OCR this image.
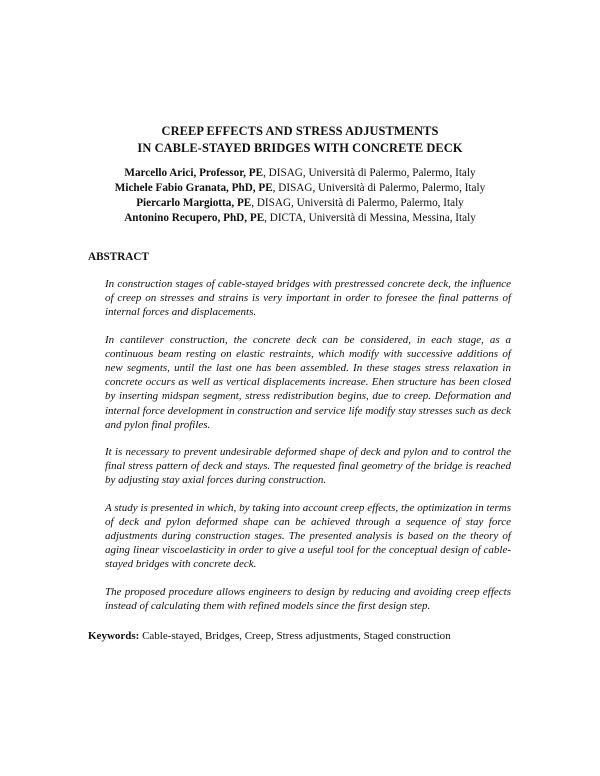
CREEP EFFECTS AND STRESS ADJUSTMENTS
IN CABLE-STAYED BRIDGES WITH CONCRETE DECK
Marcello Arici, Professor, PE, DISAG, Università di Palermo, Palermo, Italy
Michele Fabio Granata, PhD, PE, DISAG, Università di Palermo, Palermo, Italy
Piercarlo Margiotta, PE, DISAG, Università di Palermo, Palermo, Italy
Antonino Recupero, PhD, PE, DICTA, Università di Messina, Messina, Italy
ABSTRACT

In construction stages of cable-stayed bridges with prestressed concrete deck, the influence of creep on stresses and strains is very important in order to foresee the final patterns of internal forces and displacements.

In cantilever construction, the concrete deck can be considered, in each stage, as a continuous beam resting on elastic restraints, which modify with successive additions of new segments, until the last one has been assembled. In these stages stress relaxation in concrete occurs as well as vertical displacements increase. Ehen structure has been closed by inserting midspan segment, stress redistribution begins, due to creep. Deformation and internal force development in construction and service life modify stay stresses such as deck and pylon final profiles.

It is necessary to prevent undesirable deformed shape of deck and pylon and to control the final stress pattern of deck and stays. The requested final geometry of the bridge is reached by adjusting stay axial forces during construction.

A study is presented in which, by taking into account creep effects, the optimization in terms of deck and pylon deformed shape can be achieved through a sequence of stay force adjustments during construction stages. The presented analysis is based on the theory of aging linear viscoelasticity in order to give a useful tool for the conceptual design of cable-stayed bridges with concrete deck.

The proposed procedure allows engineers to design by reducing and avoiding creep effects instead of calculating them with refined models since the first design step.

Keywords: Cable-stayed, Bridges, Creep, Stress adjustments, Staged construction
